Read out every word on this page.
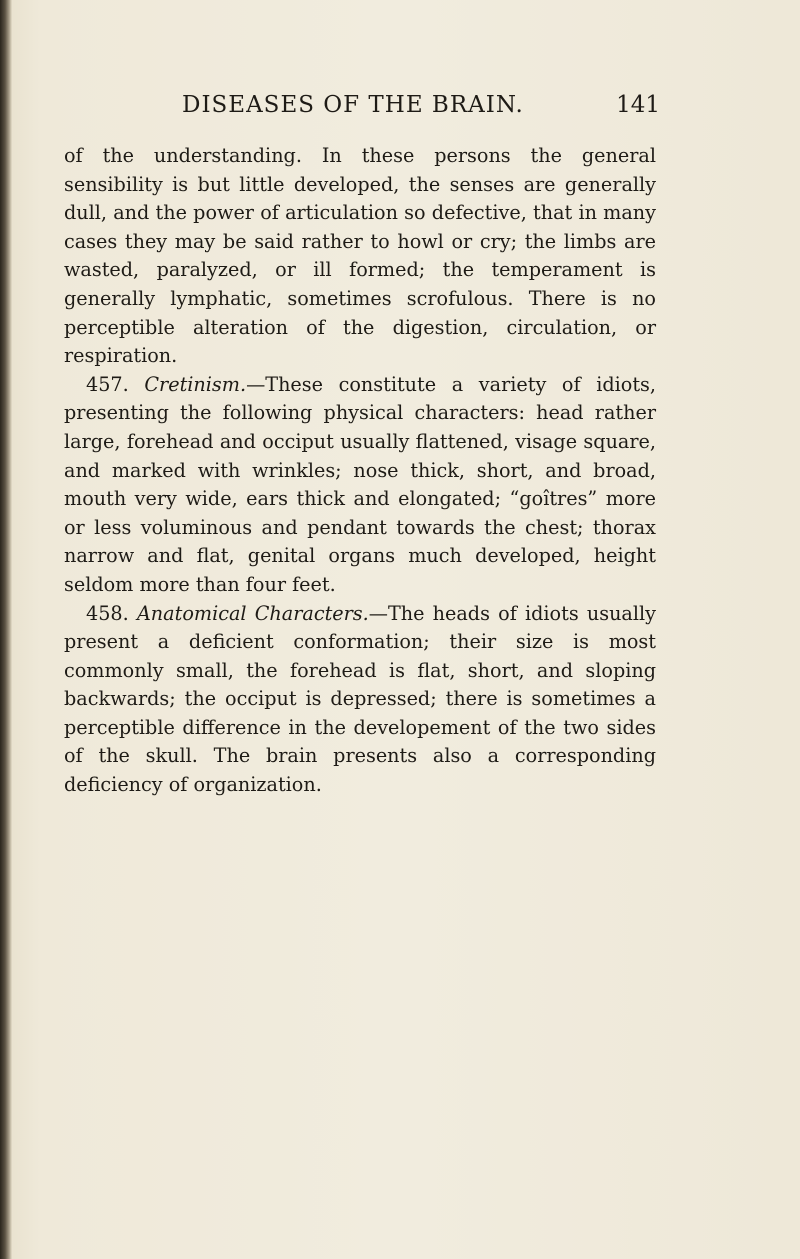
DISEASES OF THE BRAIN.	141

of the understanding. In these persons the general sensibility is but little developed, the senses are generally dull, and the power of articulation so defective, that in many cases they may be said rather to howl or cry; the limbs are wasted, paralyzed, or ill formed; the temperament is generally lymphatic, sometimes scrofulous. There is no perceptible alteration of the digestion, circulation, or respiration.

457. Cretinism.—These constitute a variety of idiots, presenting the following physical characters: head rather large, forehead and occiput usually flattened, visage square, and marked with wrinkles; nose thick, short, and broad, mouth very wide, ears thick and elongated; “goîtres” more or less voluminous and pendant towards the chest; thorax narrow and flat, genital organs much developed, height seldom more than four feet.

458. Anatomical Characters.—The heads of idiots usually present a deficient conformation; their size is most commonly small, the forehead is flat, short, and sloping backwards; the occiput is depressed; there is sometimes a perceptible difference in the developement of the two sides of the skull. The brain presents also a corresponding deficiency of organization.
